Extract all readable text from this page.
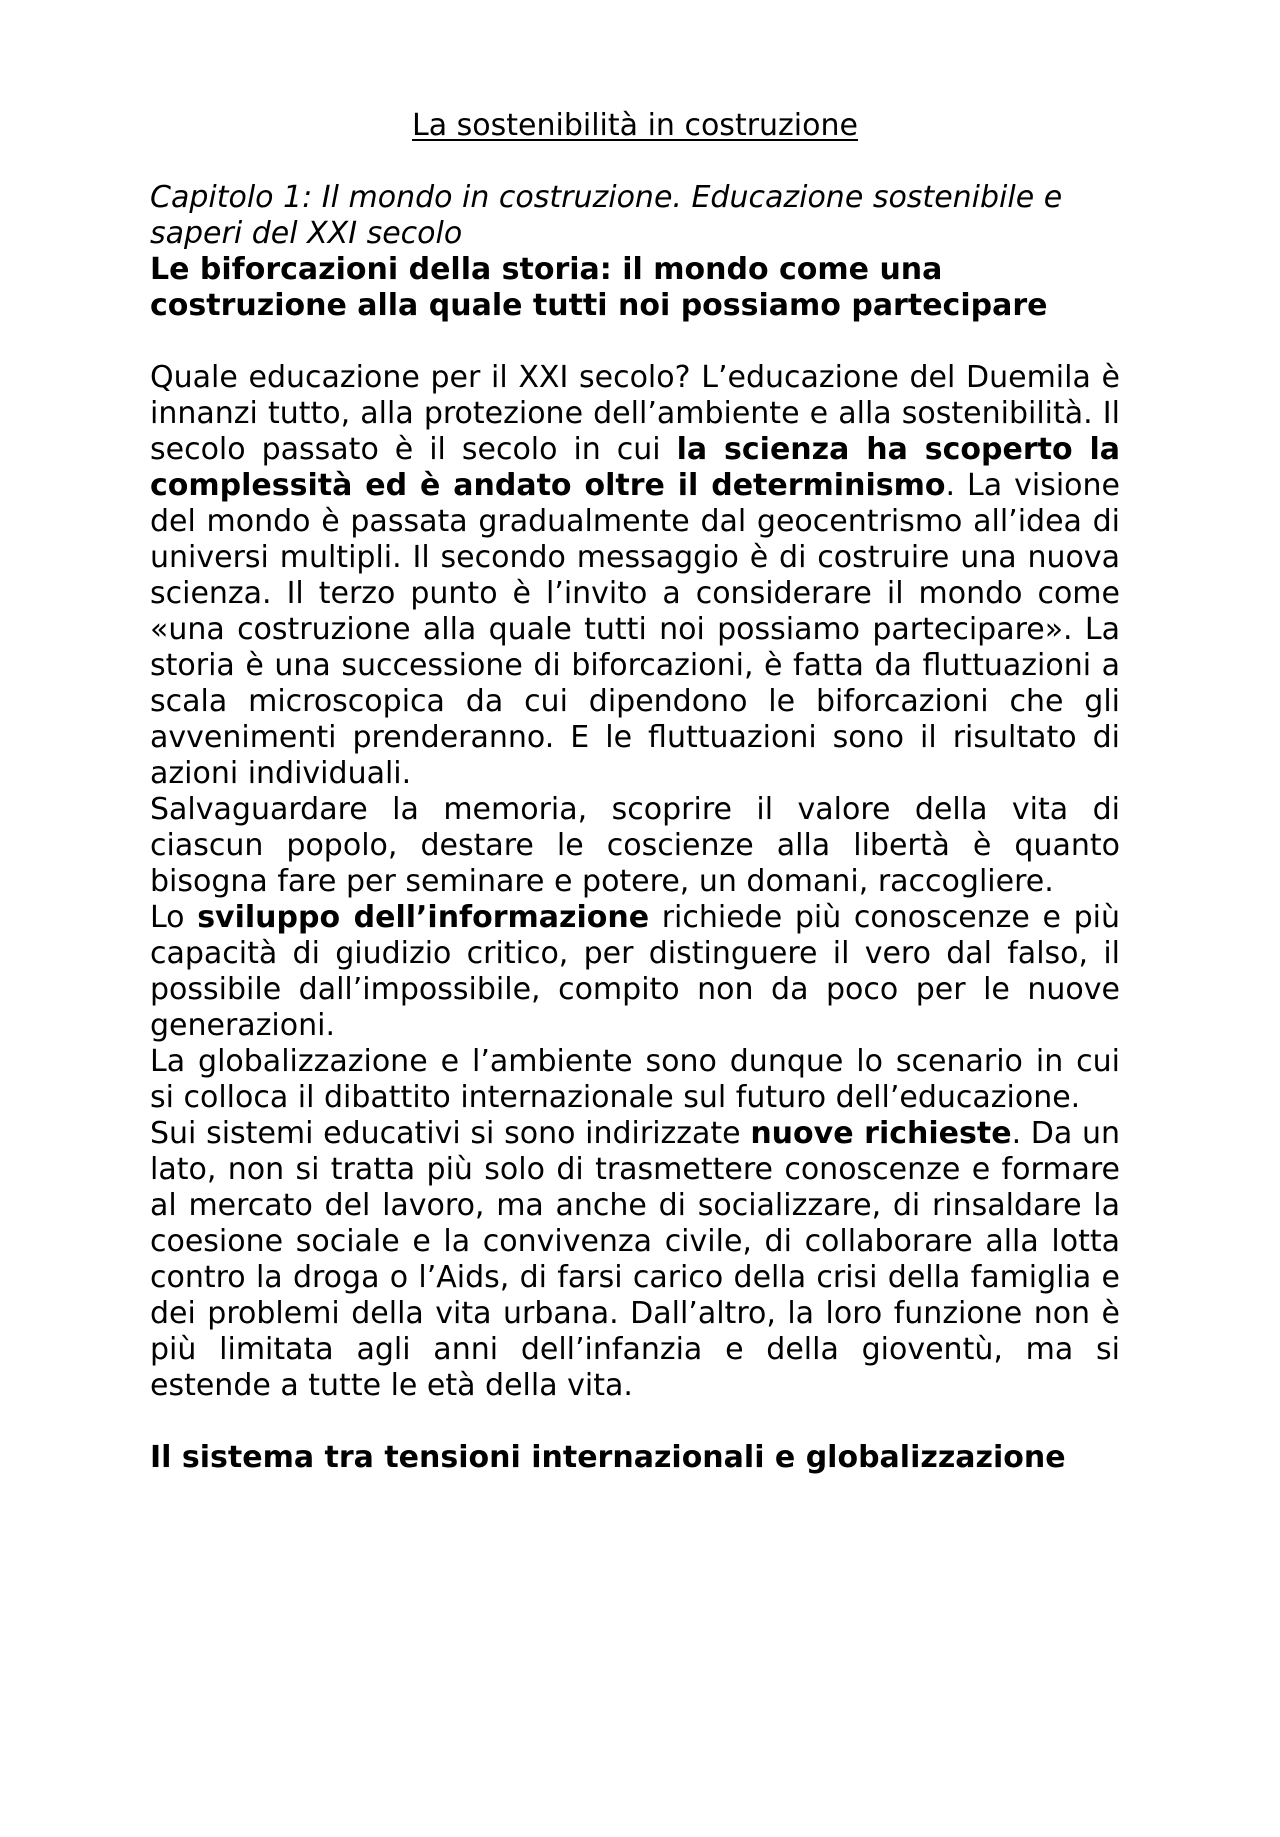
La sostenibilità in costruzione

Capitolo 1: Il mondo in costruzione. Educazione sostenibile e saperi del XXI secolo

Le biforcazioni della storia: il mondo come una costruzione alla quale tutti noi possiamo partecipare

Quale educazione per il XXI secolo? L’educazione del Duemila è innanzi tutto, alla protezione dell’ambiente e alla sostenibilità. Il secolo passato è il secolo in cui la scienza ha scoperto la complessità ed è andato oltre il determinismo. La visione del mondo è passata gradualmente dal geocentrismo all’idea di universi multipli. Il secondo messaggio è di costruire una nuova scienza. Il terzo punto è l’invito a considerare il mondo come «una costruzione alla quale tutti noi possiamo partecipare». La storia è una successione di biforcazioni, è fatta da fluttuazioni a scala microscopica da cui dipendono le biforcazioni che gli avvenimenti prenderanno. E le fluttuazioni sono il risultato di azioni individuali.

Salvaguardare la memoria, scoprire il valore della vita di ciascun popolo, destare le coscienze alla libertà è quanto bisogna fare per seminare e potere, un domani, raccogliere.

Lo sviluppo dell’informazione richiede più conoscenze e più capacità di giudizio critico, per distinguere il vero dal falso, il possibile dall’impossibile, compito non da poco per le nuove generazioni.

La globalizzazione e l’ambiente sono dunque lo scenario in cui si colloca il dibattito internazionale sul futuro dell’educazione.

Sui sistemi educativi si sono indirizzate nuove richieste. Da un lato, non si tratta più solo di trasmettere conoscenze e formare al mercato del lavoro, ma anche di socializzare, di rinsaldare la coesione sociale e la convivenza civile, di collaborare alla lotta contro la droga o l’Aids, di farsi carico della crisi della famiglia e dei problemi della vita urbana. Dall’altro, la loro funzione non è più limitata agli anni dell’infanzia e della gioventù, ma si estende a tutte le età della vita.

Il sistema tra tensioni internazionali e globalizzazione
